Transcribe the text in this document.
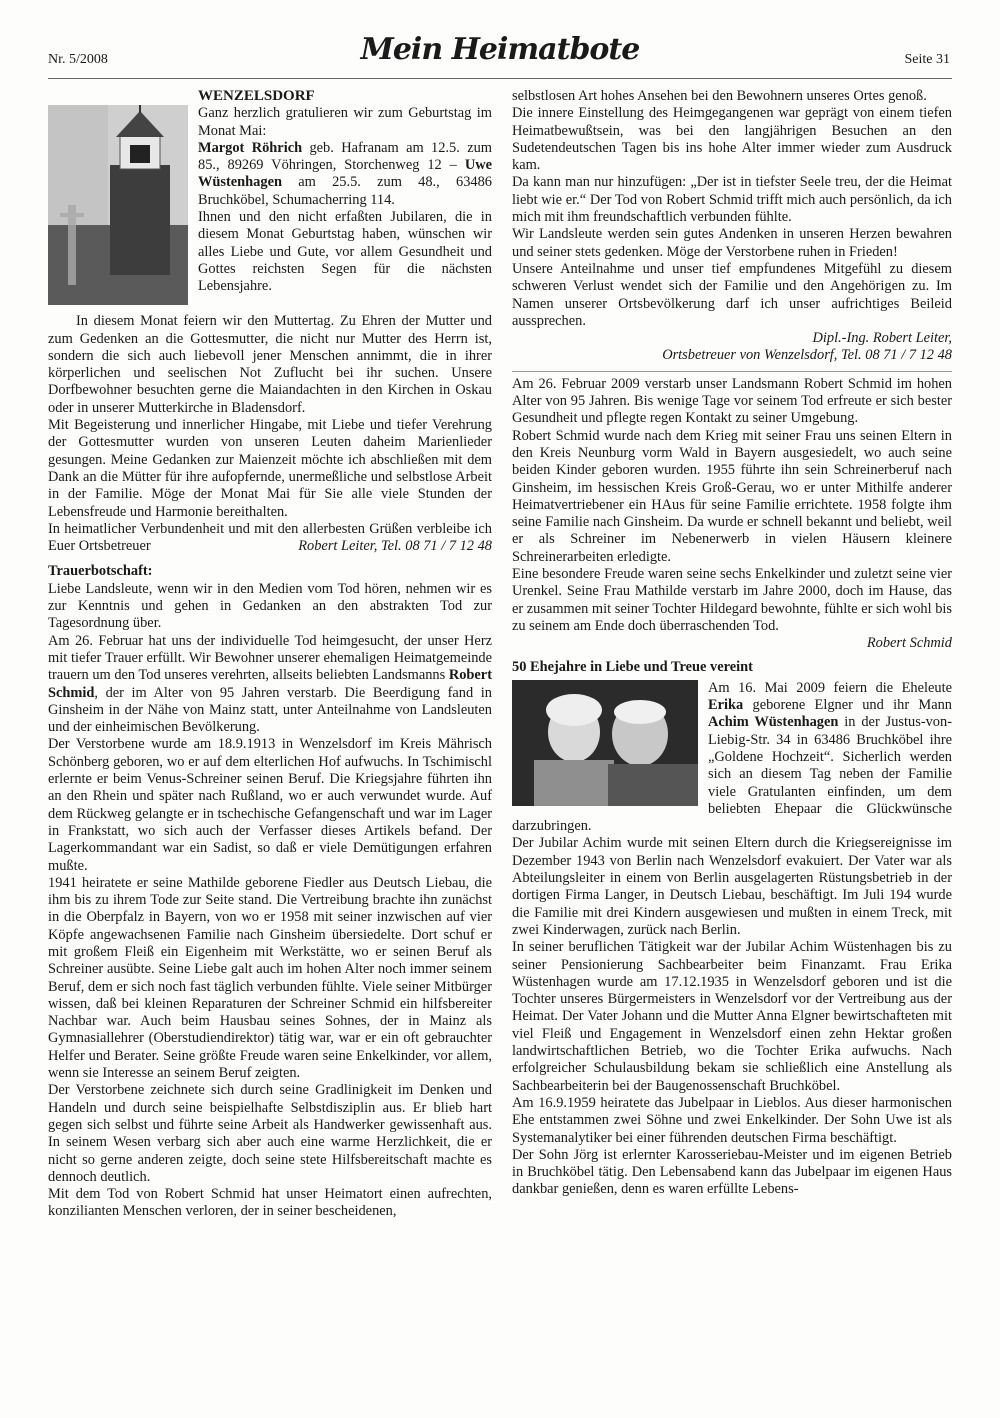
Nr. 5/2008	Mein Heimatbote	Seite 31

WENZELSDORF

Ganz herzlich gratulieren wir zum Geburtstag im Monat Mai:
Margot Röhrich geb. Hafranam am 12.5. zum 85., 89269 Vöhringen, Storchenweg 12 – Uwe Wüstenhagen am 25.5. zum 48., 63486 Bruchköbel, Schumacherring 114.
Ihnen und den nicht erfaßten Jubilaren, die in diesem Monat Geburtstag haben, wünschen wir alles Liebe und Gute, vor allem Gesundheit und Gottes reichsten Segen für die nächsten Lebensjahre.

In diesem Monat feiern wir den Muttertag. Zu Ehren der Mutter und zum Gedenken an die Gottesmutter, die nicht nur Mutter des Herrn ist, sondern die sich auch liebevoll jener Menschen annimmt, die in ihrer körperlichen und seelischen Not Zuflucht bei ihr suchen. Unsere Dorfbewohner besuchten gerne die Maiandachten in den Kirchen in Oskau oder in unserer Mutterkirche in Bladensdorf.

Mit Begeisterung und innerlicher Hingabe, mit Liebe und tiefer Verehrung der Gottesmutter wurden von unseren Leuten daheim Marienlieder gesungen. Meine Gedanken zur Maienzeit möchte ich abschließen mit dem Dank an die Mütter für ihre aufopfernde, unermeßliche und selbstlose Arbeit in der Familie. Möge der Monat Mai für Sie alle viele Stunden der Lebensfreude und Harmonie bereithalten.

In heimatlicher Verbundenheit und mit den allerbesten Grüßen verbleibe ich Euer Ortsbetreuer	Robert Leiter, Tel. 08 71 / 7 12 48

Trauerbotschaft:

Liebe Landsleute, wenn wir in den Medien vom Tod hören, nehmen wir es zur Kenntnis und gehen in Gedanken an den abstrakten Tod zur Tagesordnung über.

Am 26. Februar hat uns der individuelle Tod heimgesucht, der unser Herz mit tiefer Trauer erfüllt. Wir Bewohner unserer ehemaligen Heimatgemeinde trauern um den Tod unseres verehrten, allseits beliebten Landsmanns Robert Schmid, der im Alter von 95 Jahren verstarb. Die Beerdigung fand in Ginsheim in der Nähe von Mainz statt, unter Anteilnahme von Landsleuten und der einheimischen Bevölkerung.

Der Verstorbene wurde am 18.9.1913 in Wenzelsdorf im Kreis Mährisch Schönberg geboren, wo er auf dem elterlichen Hof aufwuchs. In Tschimischl erlernte er beim Venus-Schreiner seinen Beruf. Die Kriegsjahre führten ihn an den Rhein und später nach Rußland, wo er auch verwundet wurde. Auf dem Rückweg gelangte er in tschechische Gefangenschaft und war im Lager in Frankstatt, wo sich auch der Verfasser dieses Artikels befand. Der Lagerkommandant war ein Sadist, so daß er viele Demütigungen erfahren mußte.

1941 heiratete er seine Mathilde geborene Fiedler aus Deutsch Liebau, die ihm bis zu ihrem Tode zur Seite stand. Die Vertreibung brachte ihn zunächst in die Oberpfalz in Bayern, von wo er 1958 mit seiner inzwischen auf vier Köpfe angewachsenen Familie nach Ginsheim übersiedelte. Dort schuf er mit großem Fleiß ein Eigenheim mit Werkstätte, wo er seinen Beruf als Schreiner ausübte. Seine Liebe galt auch im hohen Alter noch immer seinem Beruf, dem er sich noch fast täglich verbunden fühlte. Viele seiner Mitbürger wissen, daß bei kleinen Reparaturen der Schreiner Schmid ein hilfsbereiter Nachbar war. Auch beim Hausbau seines Sohnes, der in Mainz als Gymnasiallehrer (Oberstudiendirektor) tätig war, war er ein oft gebrauchter Helfer und Berater. Seine größte Freude waren seine Enkelkinder, vor allem, wenn sie Interesse an seinem Beruf zeigten.

Der Verstorbene zeichnete sich durch seine Gradlinigkeit im Denken und Handeln und durch seine beispielhafte Selbstdisziplin aus. Er blieb hart gegen sich selbst und führte seine Arbeit als Handwerker gewissenhaft aus. In seinem Wesen verbarg sich aber auch eine warme Herzlichkeit, die er nicht so gerne anderen zeigte, doch seine stete Hilfsbereitschaft machte es dennoch deutlich.

Mit dem Tod von Robert Schmid hat unser Heimatort einen aufrechten, konzilianten Menschen verloren, der in seiner bescheidenen,

selbstlosen Art hohes Ansehen bei den Bewohnern unseres Ortes genoß.

Die innere Einstellung des Heimgegangenen war geprägt von einem tiefen Heimatbewußtsein, was bei den langjährigen Besuchen an den Sudetendeutschen Tagen bis ins hohe Alter immer wieder zum Ausdruck kam.

Da kann man nur hinzufügen: „Der ist in tiefster Seele treu, der die Heimat liebt wie er.“ Der Tod von Robert Schmid trifft mich auch persönlich, da ich mich mit ihm freundschaftlich verbunden fühlte.

Wir Landsleute werden sein gutes Andenken in unseren Herzen bewahren und seiner stets gedenken. Möge der Verstorbene ruhen in Frieden!

Unsere Anteilnahme und unser tief empfundenes Mitgefühl zu diesem schweren Verlust wendet sich der Familie und den Angehörigen zu. Im Namen unserer Ortsbevölkerung darf ich unser aufrichtiges Beileid aussprechen.

Dipl.-Ing. Robert Leiter,

Ortsbetreuer von Wenzelsdorf, Tel. 08 71 / 7 12 48

Am 26. Februar 2009 verstarb unser Landsmann Robert Schmid im hohen Alter von 95 Jahren. Bis wenige Tage vor seinem Tod erfreute er sich bester Gesundheit und pflegte regen Kontakt zu seiner Umgebung.

Robert Schmid wurde nach dem Krieg mit seiner Frau uns seinen Eltern in den Kreis Neunburg vorm Wald in Bayern ausgesiedelt, wo auch seine beiden Kinder geboren wurden. 1955 führte ihn sein Schreinerberuf nach Ginsheim, im hessischen Kreis Groß-Gerau, wo er unter Mithilfe anderer Heimatvertriebener ein HAus für seine Familie errichtete. 1958 folgte ihm seine Familie nach Ginsheim. Da wurde er schnell bekannt und beliebt, weil er als Schreiner im Nebenerwerb in vielen Häusern kleinere Schreinerarbeiten erledigte.

Eine besondere Freude waren seine sechs Enkelkinder und zuletzt seine vier Urenkel. Seine Frau Mathilde verstarb im Jahre 2000, doch im Hause, das er zusammen mit seiner Tochter Hildegard bewohnte, fühlte er sich wohl bis zu seinem am Ende doch überraschenden Tod.

Robert Schmid

50 Ehejahre in Liebe und Treue vereint

Am 16. Mai 2009 feiern die Eheleute Erika geborene Elgner und ihr Mann Achim Wüstenhagen in der Justus-von-Liebig-Str. 34 in 63486 Bruchköbel ihre „Goldene Hochzeit“. Sicherlich werden sich an diesem Tag neben der Familie viele Gratulanten einfinden, um dem beliebten Ehepaar die Glückwünsche darzubringen.

Der Jubilar Achim wurde mit seinen Eltern durch die Kriegsereignisse im Dezember 1943 von Berlin nach Wenzelsdorf evakuiert. Der Vater war als Abteilungsleiter in einem von Berlin ausgelagerten Rüstungsbetrieb in der dortigen Firma Langer, in Deutsch Liebau, beschäftigt. Im Juli 194 wurde die Familie mit drei Kindern ausgewiesen und mußten in einem Treck, mit zwei Kinderwagen, zurück nach Berlin.

In seiner beruflichen Tätigkeit war der Jubilar Achim Wüstenhagen bis zu seiner Pensionierung Sachbearbeiter beim Finanzamt. Frau Erika Wüstenhagen wurde am 17.12.1935 in Wenzelsdorf geboren und ist die Tochter unseres Bürgermeisters in Wenzelsdorf vor der Vertreibung aus der Heimat. Der Vater Johann und die Mutter Anna Elgner bewirtschafteten mit viel Fleiß und Engagement in Wenzelsdorf einen zehn Hektar großen landwirtschaftlichen Betrieb, wo die Tochter Erika aufwuchs. Nach erfolgreicher Schulausbildung bekam sie schließlich eine Anstellung als Sachbearbeiterin bei der Baugenossenschaft Bruchköbel.

Am 16.9.1959 heiratete das Jubelpaar in Lieblos. Aus dieser harmonischen Ehe entstammen zwei Söhne und zwei Enkelkinder. Der Sohn Uwe ist als Systemanalytiker bei einer führenden deutschen Firma beschäftigt.

Der Sohn Jörg ist erlernter Karosseriebau-Meister und im eigenen Betrieb in Bruchköbel tätig. Den Lebensabend kann das Jubelpaar im eigenen Haus dankbar genießen, denn es waren erfüllte Lebens-
